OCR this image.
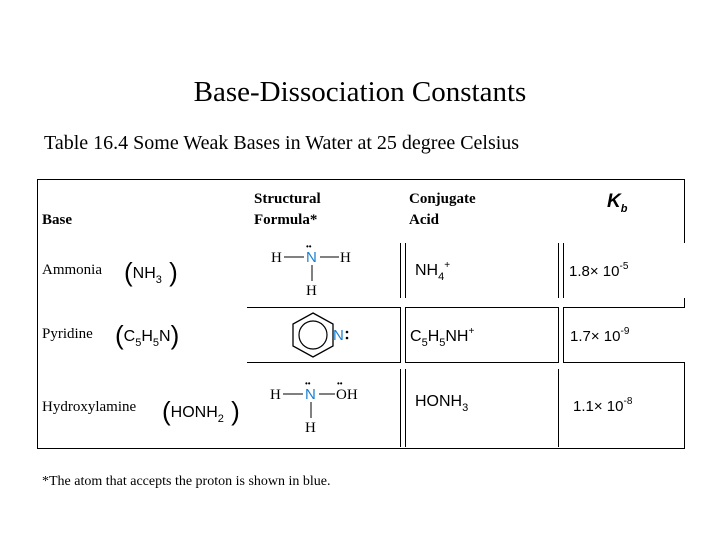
Base-Dissociation Constants
Table 16.4 Some Weak Bases in Water at 25 degree Celsius
Base
Structural
Formula*
Conjugate
Acid
$K_b$
Ammonia
Pyridine
Hydroxylamine
($NH_3$ )
$(C_5H_5N)$
($HONH_2$ )
H N
••
H
H
N
H N
••
OH
••
H
$NH_4^+$
$C_5H_5NH^+$
$HONH_3$
$1.8\times 10^{-5}$
$1.7\times 10^{-9}$
$1.1\times 10^{-8}$
*The atom that accepts the proton is shown in blue.
